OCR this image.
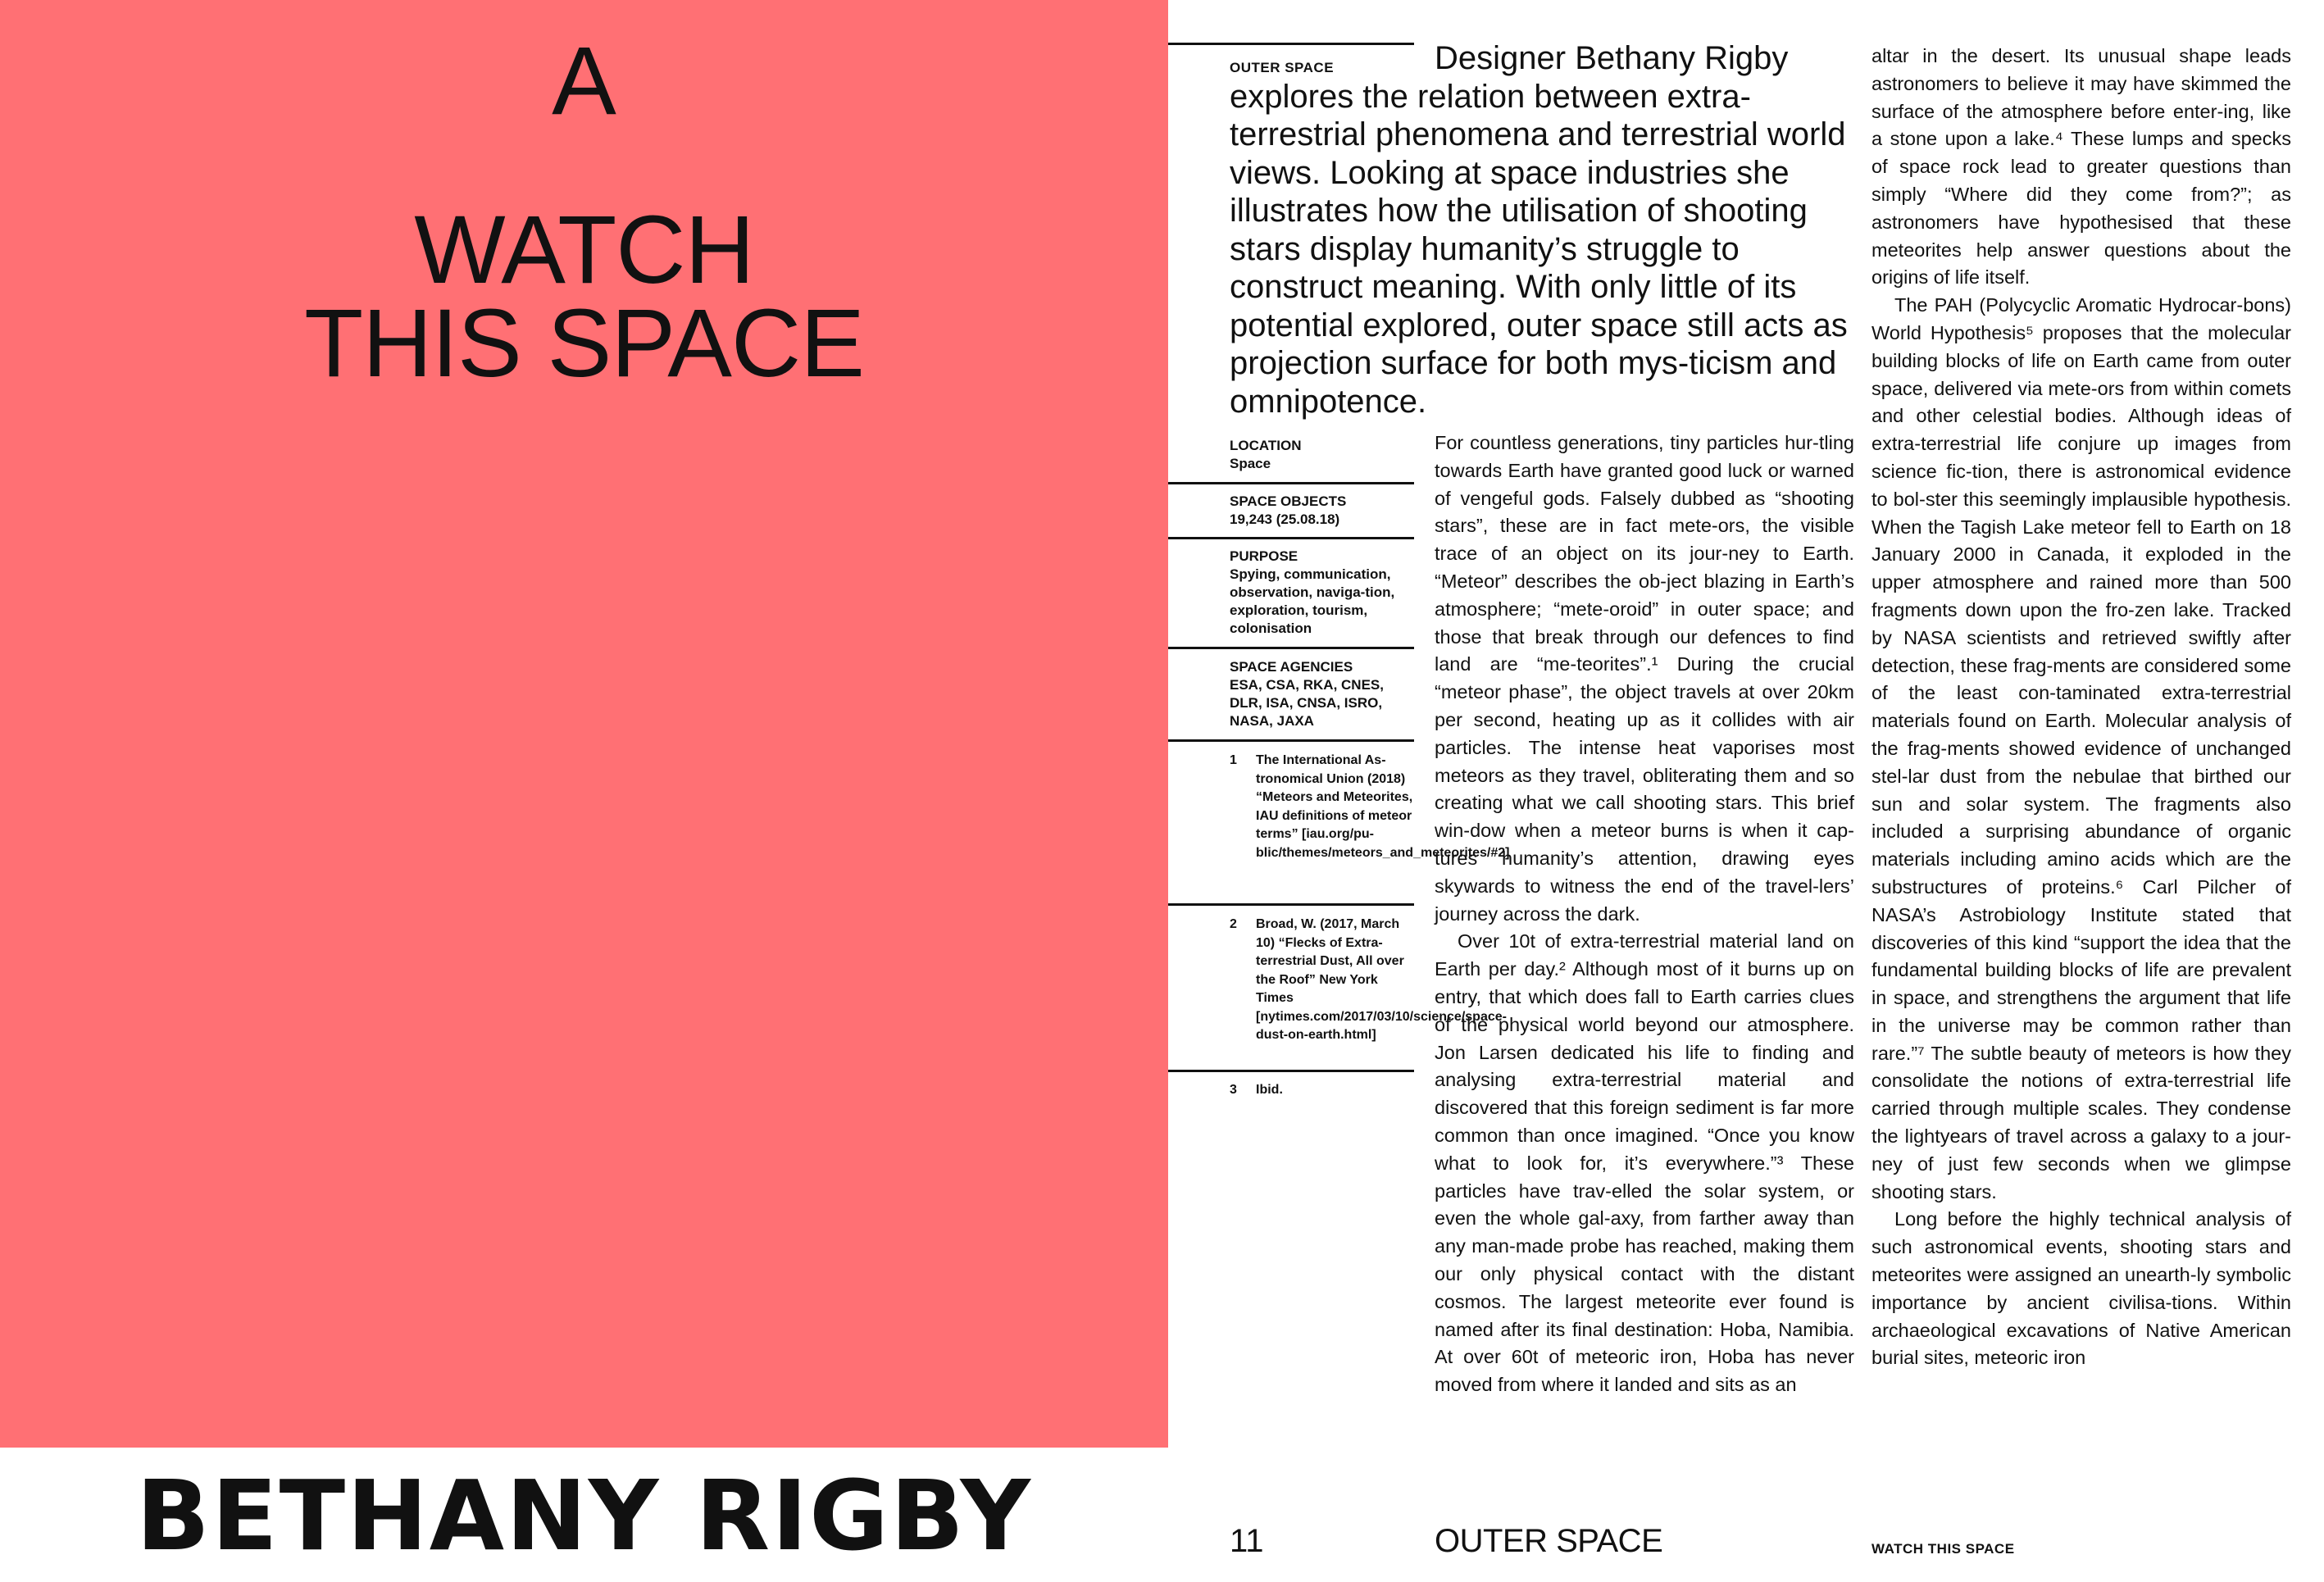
A
WATCH
THIS SPACE
BETHANY RIGBY
OUTER SPACE
LOCATION
Space
SPACE OBJECTS
19,243 (25.08.18)
PURPOSE
Spying, communication, observation, naviga-tion, exploration, tourism, colonisation
SPACE AGENCIES
ESA, CSA, RKA, CNES, DLR, ISA, CNSA, ISRO, NASA, JAXA
1 The International As-tronomical Union (2018) “Meteors and Meteorites, IAU definitions of meteor terms” [iau.org/pu-blic/themes/meteors_and_meteorites/#2]
2 Broad, W. (2017, March 10) “Flecks of Extra-terrestrial Dust, All over the Roof” New York Times [nytimes.com/2017/03/10/science/space-dust-on-earth.html]
3 Ibid.

Designer Bethany Rigby explores the relation between extra-terrestrial phenomena and terrestrial world views. Looking at space industries she illustrates how the utilisation of shooting stars display humanity’s struggle to construct meaning. With only little of its potential explored, outer space still acts as projection surface for both mys-ticism and omnipotence.

For countless generations, tiny particles hur-tling towards Earth have granted good luck or warned of vengeful gods. Falsely dubbed as “shooting stars”, these are in fact mete-ors, the visible trace of an object on its jour-ney to Earth. “Meteor” describes the ob-ject blazing in Earth’s atmosphere; “mete-oroid” in outer space; and those that break through our defences to find land are “me-teorites”.¹ During the crucial “meteor phase”, the object travels at over 20km per second, heating up as it collides with air particles. The intense heat vaporises most meteors as they travel, obliterating them and so creating what we call shooting stars. This brief win-dow when a meteor burns is when it cap-tures humanity’s attention, drawing eyes skywards to witness the end of the travel-lers’ journey across the dark.

Over 10t of extra-terrestrial material land on Earth per day.² Although most of it burns up on entry, that which does fall to Earth carries clues of the physical world beyond our atmosphere. Jon Larsen dedicated his life to finding and analysing extra-terrestrial material and discovered that this foreign sediment is far more common than once imagined. “Once you know what to look for, it’s everywhere.”³ These particles have trav-elled the solar system, or even the whole gal-axy, from farther away than any man-made probe has reached, making them our only physical contact with the distant cosmos. The largest meteorite ever found is named after its final destination: Hoba, Namibia. At over 60t of meteoric iron, Hoba has never moved from where it landed and sits as an

altar in the desert. Its unusual shape leads astronomers to believe it may have skimmed the surface of the atmosphere before enter-ing, like a stone upon a lake.⁴ These lumps and specks of space rock lead to greater questions than simply “Where did they come from?”; as astronomers have hypothesised that these meteorites help answer questions about the origins of life itself.

The PAH (Polycyclic Aromatic Hydrocar-bons) World Hypothesis⁵ proposes that the molecular building blocks of life on Earth came from outer space, delivered via mete-ors from within comets and other celestial bodies. Although ideas of extra-terrestrial life conjure up images from science fic-tion, there is astronomical evidence to bol-ster this seemingly implausible hypothesis. When the Tagish Lake meteor fell to Earth on 18 January 2000 in Canada, it exploded in the upper atmosphere and rained more than 500 fragments down upon the fro-zen lake. Tracked by NASA scientists and retrieved swiftly after detection, these frag-ments are considered some of the least con-taminated extra-terrestrial materials found on Earth. Molecular analysis of the frag-ments showed evidence of unchanged stel-lar dust from the nebulae that birthed our sun and solar system. The fragments also included a surprising abundance of organic materials including amino acids which are the substructures of proteins.⁶ Carl Pilcher of NASA’s Astrobiology Institute stated that discoveries of this kind “support the idea that the fundamental building blocks of life are prevalent in space, and strengthens the argument that life in the universe may be common rather than rare.”⁷ The subtle beauty of meteors is how they consolidate the notions of extra-terrestrial life carried through multiple scales. They condense the lightyears of travel across a galaxy to a jour-ney of just few seconds when we glimpse shooting stars.

Long before the highly technical analysis of such astronomical events, shooting stars and meteorites were assigned an unearth-ly symbolic importance by ancient civilisa-tions. Within archaeological excavations of Native American burial sites, meteoric iron

11	OUTER SPACE	WATCH THIS SPACE
